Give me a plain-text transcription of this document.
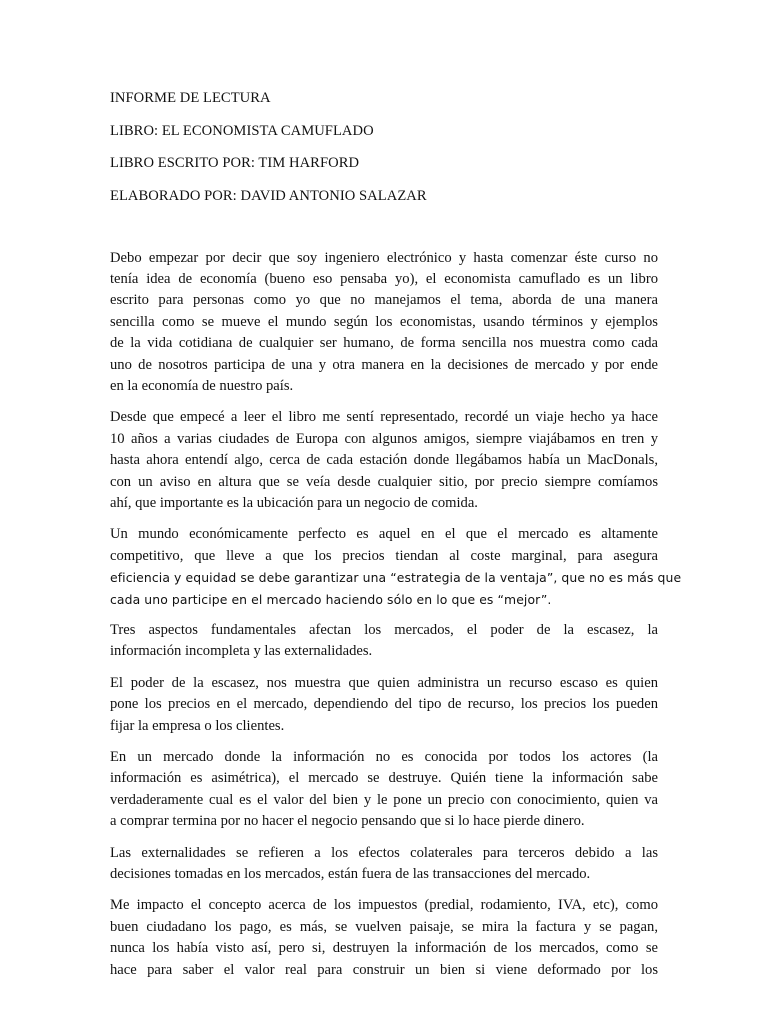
INFORME DE LECTURA
LIBRO: EL ECONOMISTA CAMUFLADO
LIBRO ESCRITO POR: TIM HARFORD
ELABORADO POR: DAVID ANTONIO SALAZAR
Debo empezar por decir que soy ingeniero electrónico y hasta comenzar éste curso no
tenía idea de economía (bueno eso pensaba yo), el economista camuflado es un libro
escrito para personas como yo que no manejamos el tema, aborda de una manera
sencilla como se mueve el mundo según los economistas, usando términos y ejemplos
de la vida cotidiana de cualquier ser humano, de forma sencilla nos muestra como cada
uno de nosotros participa de una y otra manera en la decisiones de mercado y por ende
en la economía de nuestro país.
Desde que empecé a leer el libro me sentí representado, recordé un viaje hecho ya hace
10 años a varias ciudades de Europa con algunos amigos, siempre viajábamos en tren y
hasta ahora entendí algo, cerca de cada estación donde llegábamos había un MacDonals,
con un aviso en altura que se veía desde cualquier sitio, por precio siempre comíamos
ahí, que importante es la ubicación para un negocio de comida.
Un mundo económicamente perfecto es aquel en el que el mercado es altamente
competitivo, que lleve a que los precios tiendan al coste marginal, para asegura
eficiencia y equidad se debe garantizar una “estrategia de la ventaja”, que no es más que
cada uno participe en el mercado haciendo sólo en lo que es “mejor”.
Tres aspectos fundamentales afectan los mercados, el poder de la escasez, la
información incompleta y las externalidades.
El poder de la escasez, nos muestra que quien administra un recurso escaso es quien
pone los precios en el mercado, dependiendo del tipo de recurso, los precios los pueden
fijar la empresa o los clientes.
En un mercado donde la información no es conocida por todos los actores (la
información es asimétrica), el mercado se destruye. Quién tiene la información sabe
verdaderamente cual es el valor del bien y le pone un precio con conocimiento, quien va
a comprar termina por no hacer el negocio pensando que si lo hace pierde dinero.
Las externalidades se refieren a los efectos colaterales para terceros debido a las
decisiones tomadas en los mercados, están fuera de las transacciones del mercado.
Me impacto el concepto acerca de los impuestos (predial, rodamiento, IVA, etc), como
buen ciudadano los pago, es más, se vuelven paisaje, se mira la factura y se pagan,
nunca los había visto así, pero si, destruyen la información de los mercados, como se
hace para saber el valor real para construir un bien si viene deformado por los
